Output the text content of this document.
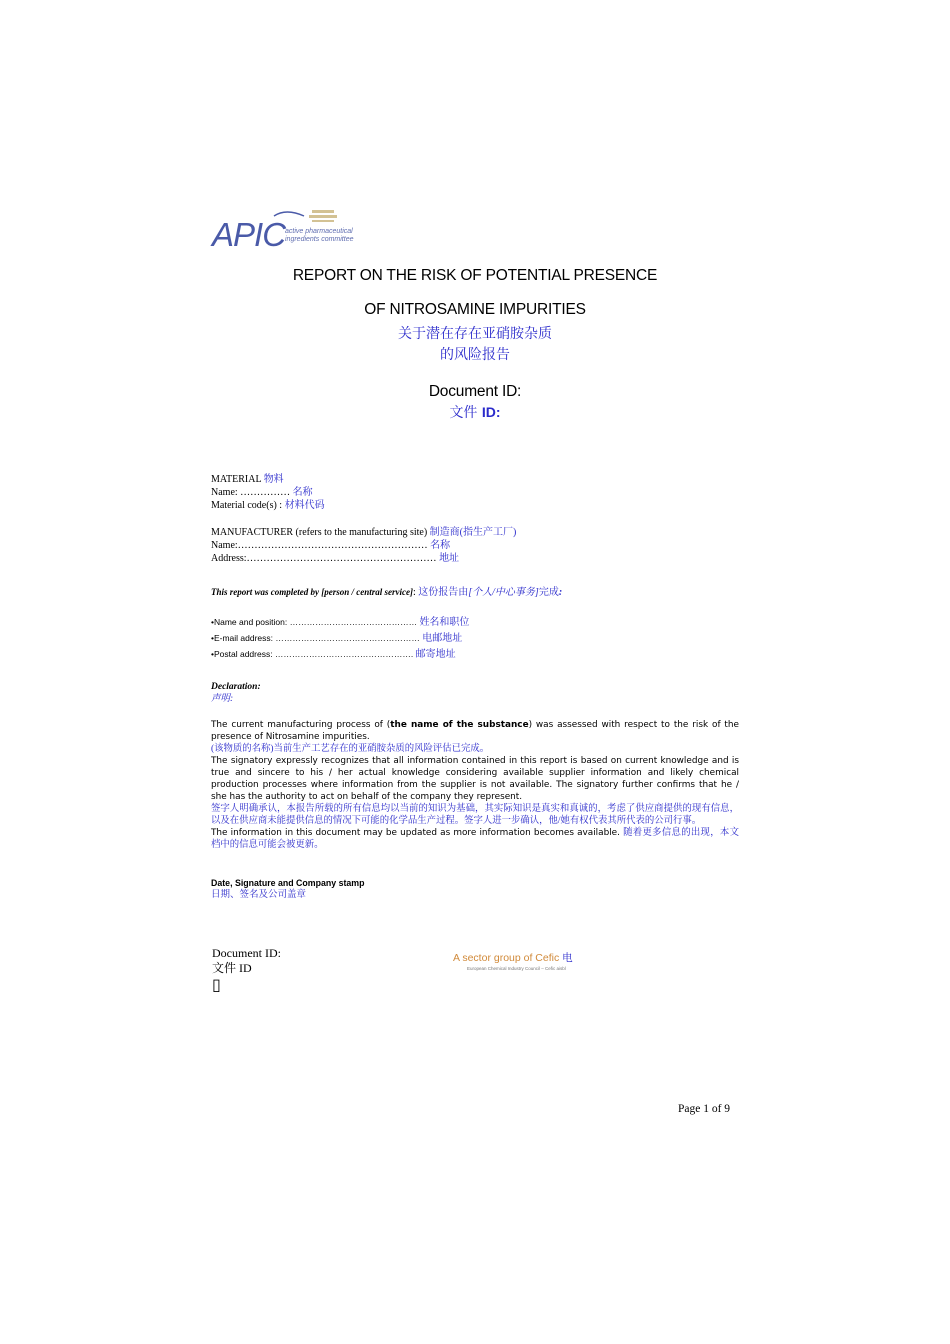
APIC active pharmaceutical
ingredients committee
REPORT ON THE RISK OF POTENTIAL PRESENCE
OF NITROSAMINE IMPURITIES
关于潜在存在亚硝胺杂质
的风险报告
Document ID:
文件 ID:
MATERIAL 物料
Name: …………… 名称
Material code(s) : 材料代码
MANUFACTURER (refers to the manufacturing site) 制造商(指生产工厂)
Name:………………………………………………… 名称
Address:………………………………………………… 地址
This report was completed by [person / central service]: 这份报告由[个人/中心事务]完成:
•Name and position: ……………………………………… 姓名和职位
•E-mail address: …………………………………………… 电邮地址
•Postal address: …………………………………………. 邮寄地址
Declaration:
声明:

The current manufacturing process of (the name of the substance) was assessed with respect to the risk of the presence of Nitrosamine impurities.

(该物质的名称)当前生产工艺存在的亚硝胺杂质的风险评估已完成。

The signatory expressly recognizes that all information contained in this report is based on current knowledge and is true and sincere to his / her actual knowledge considering available supplier information and likely chemical production processes where information from the supplier is not available. The signatory further confirms that he / she has the authority to act on behalf of the company they represent.

签字人明确承认，本报告所载的所有信息均以当前的知识为基础，其实际知识是真实和真诚的，考虑了供应商提供的现有信息，以及在供应商未能提供信息的情况下可能的化学品生产过程。签字人进一步确认，他/她有权代表其所代表的公司行事。

The information in this document may be updated as more information becomes available. 随着更多信息的出现，本文档中的信息可能会被更新。

Date, Signature and Company stamp
日期、签名及公司盖章
Document ID:
文件 ID
▯
A sector group of Cefic 电
European Chemical Industry Council – Cefic aisbl
Page 1 of 9
